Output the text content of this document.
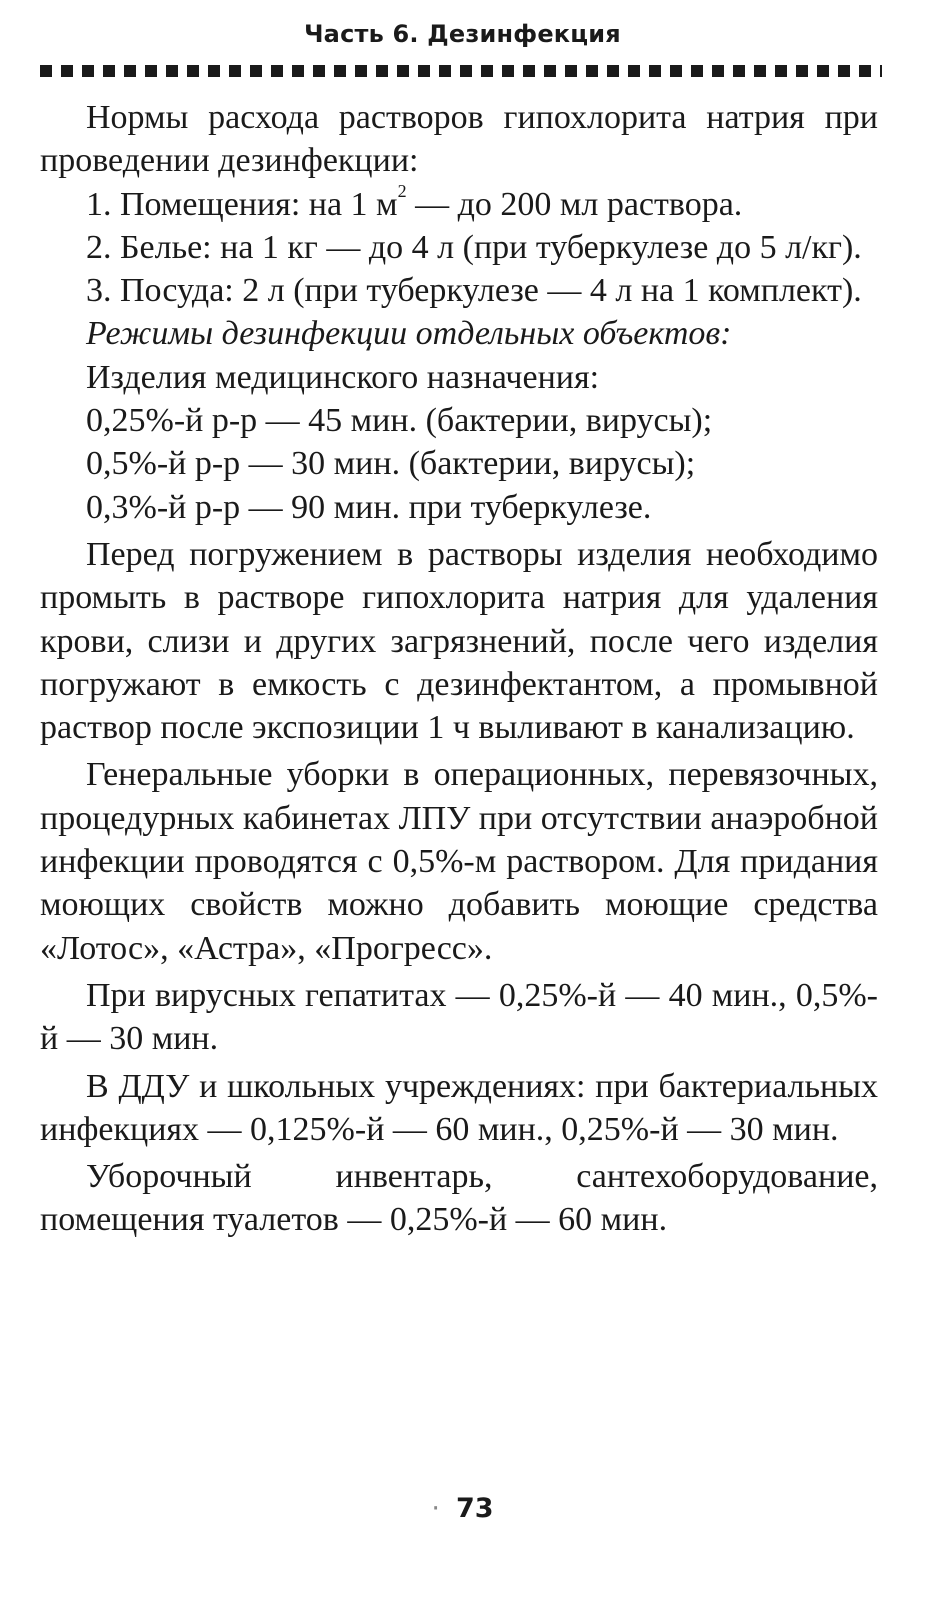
Часть 6. Дезинфекция

Нормы расхода растворов гипохлорита натрия при проведении дезинфекции:

1. Помещения: на 1 $м^2$ — до 200 мл раствора.

2. Белье: на 1 кг — до 4 л (при туберкулезе до 5 л/кг).

3. Посуда: 2 л (при туберкулезе — 4 л на 1 комплект).

Режимы дезинфекции отдельных объектов:

Изделия медицинского назначения:

0,25%-й р-р — 45 мин. (бактерии, вирусы);

0,5%-й р-р — 30 мин. (бактерии, вирусы);

0,3%-й р-р — 90 мин. при туберкулезе.

Перед погружением в растворы изделия необходимо промыть в растворе гипохлорита натрия для удаления крови, слизи и других загрязнений, после чего изделия погружают в емкость с дезинфектантом, а промывной раствор после экспозиции 1 ч выливают в канализацию.

Генеральные уборки в операционных, перевязочных, процедурных кабинетах ЛПУ при отсутствии анаэробной инфекции проводятся с 0,5%-м раствором. Для придания моющих свойств можно добавить моющие средства «Лотос», «Астра», «Прогресс».

При вирусных гепатитах — 0,25%-й — 40 мин., 0,5%-й — 30 мин.

В ДДУ и школьных учреждениях: при бактериальных инфекциях — 0,125%-й — 60 мин., 0,25%-й — 30 мин.

Уборочный инвентарь, сантехоборудование, помещения туалетов — 0,25%-й — 60 мин.

· 73
